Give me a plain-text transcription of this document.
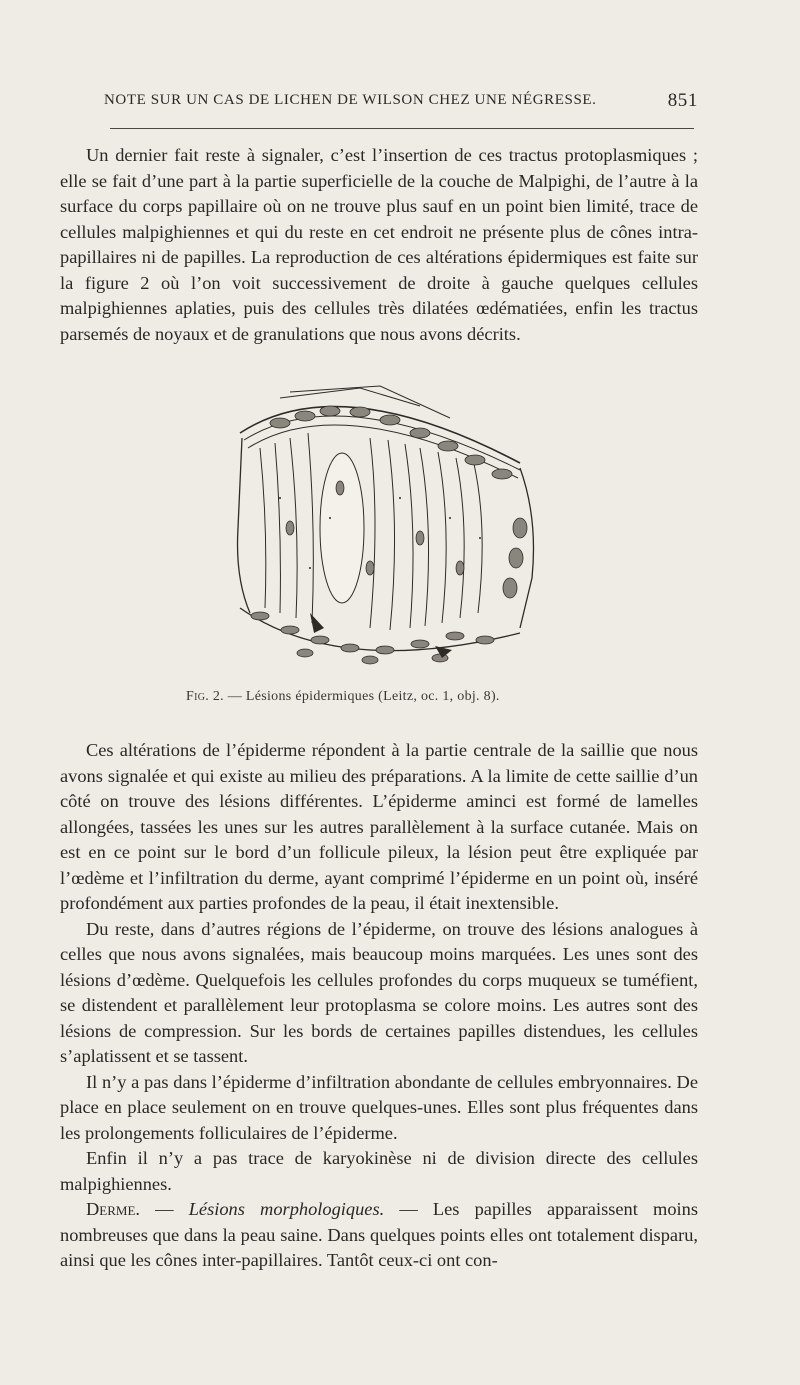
NOTE SUR UN CAS DE LICHEN DE WILSON CHEZ UNE NÉGRESSE.	851

Un dernier fait reste à signaler, c’est l’insertion de ces tractus protoplasmiques ; elle se fait d’une part à la partie superficielle de la couche de Malpighi, de l’autre à la surface du corps papillaire où on ne trouve plus sauf en un point bien limité, trace de cellules malpighiennes et qui du reste en cet endroit ne présente plus de cônes intra-papillaires ni de papilles. La reproduction de ces altérations épidermiques est faite sur la figure 2 où l’on voit successivement de droite à gauche quelques cellules malpighiennes aplaties, puis des cellules très dilatées œdématiées, enfin les tractus parsemés de noyaux et de granulations que nous avons décrits.

Fig. 2. — Lésions épidermiques (Leitz, oc. 1, obj. 8).

Ces altérations de l’épiderme répondent à la partie centrale de la saillie que nous avons signalée et qui existe au milieu des préparations. A la limite de cette saillie d’un côté on trouve des lésions différentes. L’épiderme aminci est formé de lamelles allongées, tassées les unes sur les autres parallèlement à la surface cutanée. Mais on est en ce point sur le bord d’un follicule pileux, la lésion peut être expliquée par l’œdème et l’infiltration du derme, ayant comprimé l’épiderme en un point où, inséré profondément aux parties profondes de la peau, il était inextensible.

Du reste, dans d’autres régions de l’épiderme, on trouve des lésions analogues à celles que nous avons signalées, mais beaucoup moins marquées. Les unes sont des lésions d’œdème. Quelquefois les cellules profondes du corps muqueux se tuméfient, se distendent et parallèlement leur protoplasma se colore moins. Les autres sont des lésions de compression. Sur les bords de certaines papilles distendues, les cellules s’aplatissent et se tassent.

Il n’y a pas dans l’épiderme d’infiltration abondante de cellules embryonnaires. De place en place seulement on en trouve quelques-unes. Elles sont plus fréquentes dans les prolongements folliculaires de l’épiderme.

Enfin il n’y a pas trace de karyokinèse ni de division directe des cellules malpighiennes.

Derme. — Lésions morphologiques. — Les papilles apparaissent moins nombreuses que dans la peau saine. Dans quelques points elles ont totalement disparu, ainsi que les cônes inter-papillaires. Tantôt ceux-ci ont con-
